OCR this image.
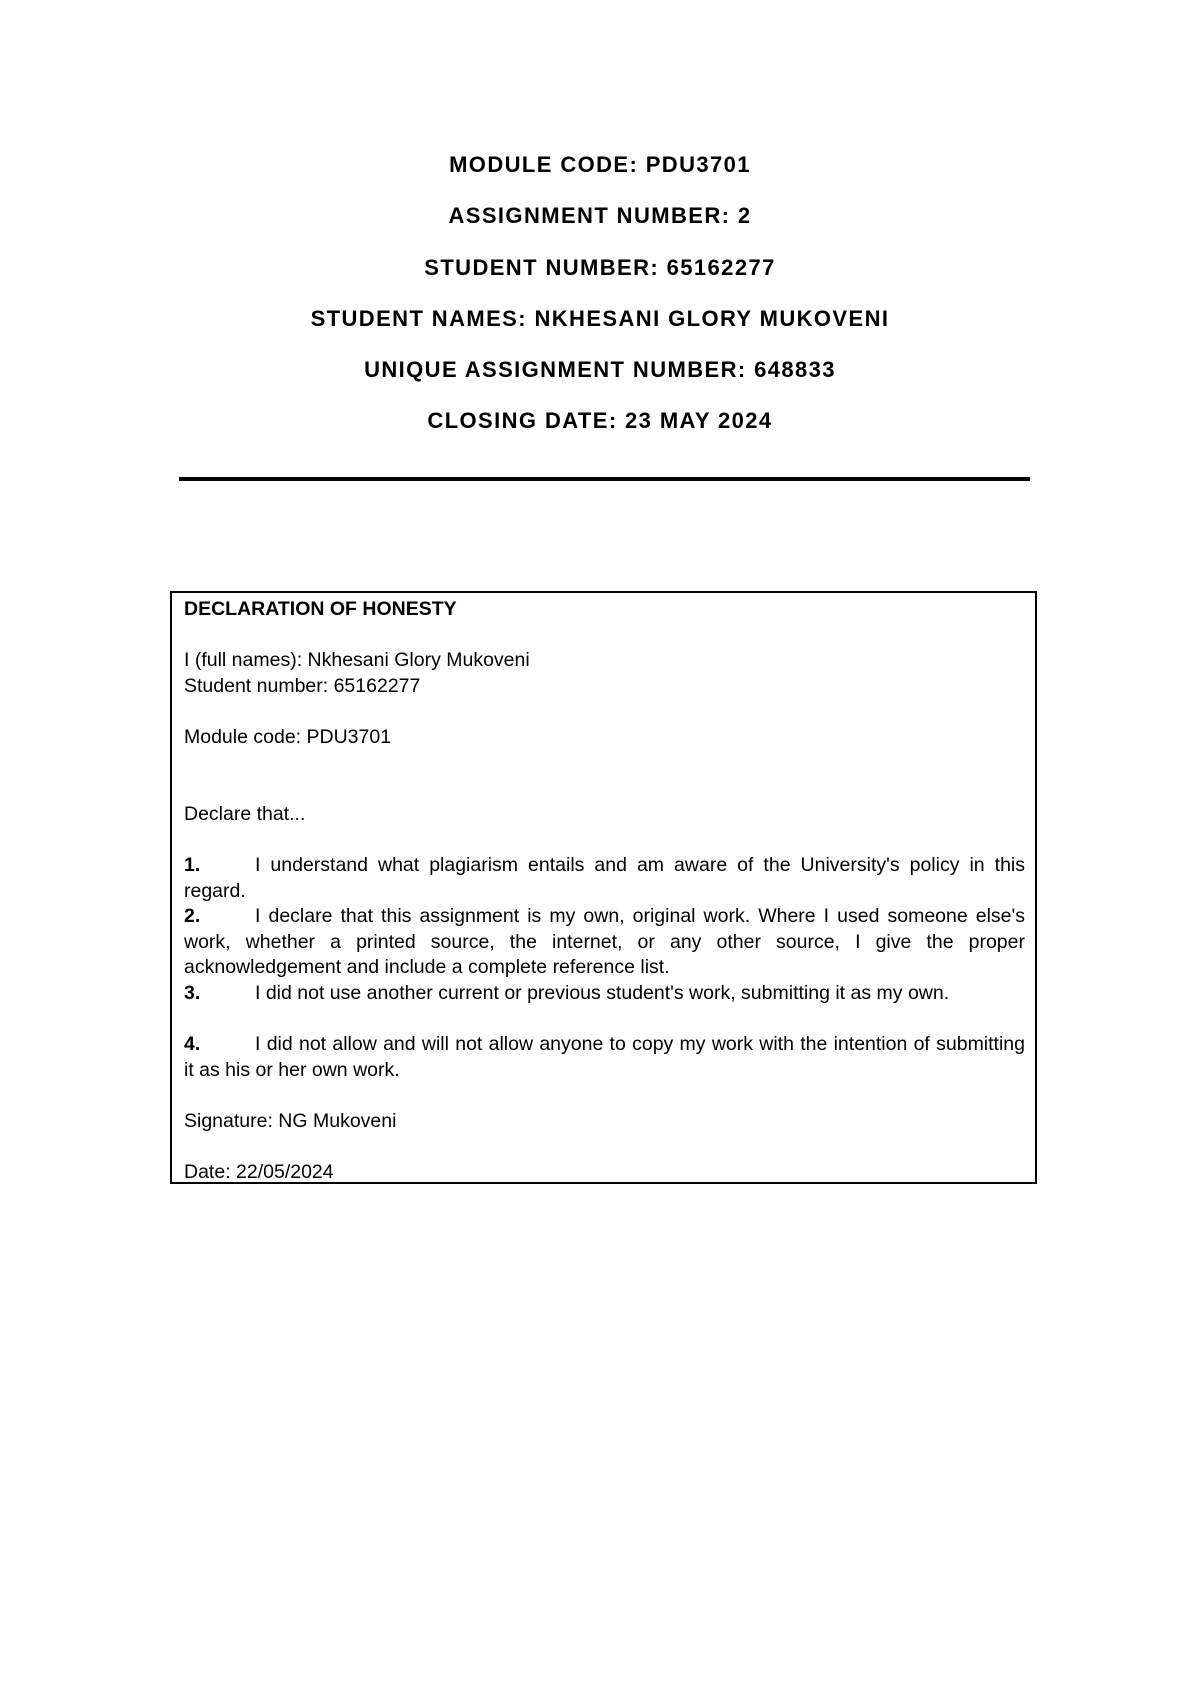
MODULE CODE: PDU3701
ASSIGNMENT NUMBER: 2
STUDENT NUMBER: 65162277
STUDENT NAMES: NKHESANI GLORY MUKOVENI
UNIQUE ASSIGNMENT NUMBER: 648833
CLOSING DATE: 23 MAY 2024
DECLARATION OF HONESTY
I (full names): Nkhesani Glory Mukoveni
Student number: 65162277
Module code: PDU3701
Declare that...
1.	I understand what plagiarism entails and am aware of the University's policy in this regard.

2.	I declare that this assignment is my own, original work. Where I used someone else's work, whether a printed source, the internet, or any other source, I give the proper acknowledgement and include a complete reference list.

3.	I did not use another current or previous student's work, submitting it as my own.

4.	I did not allow and will not allow anyone to copy my work with the intention of submitting it as his or her own work.

Signature: NG Mukoveni
Date: 22/05/2024
